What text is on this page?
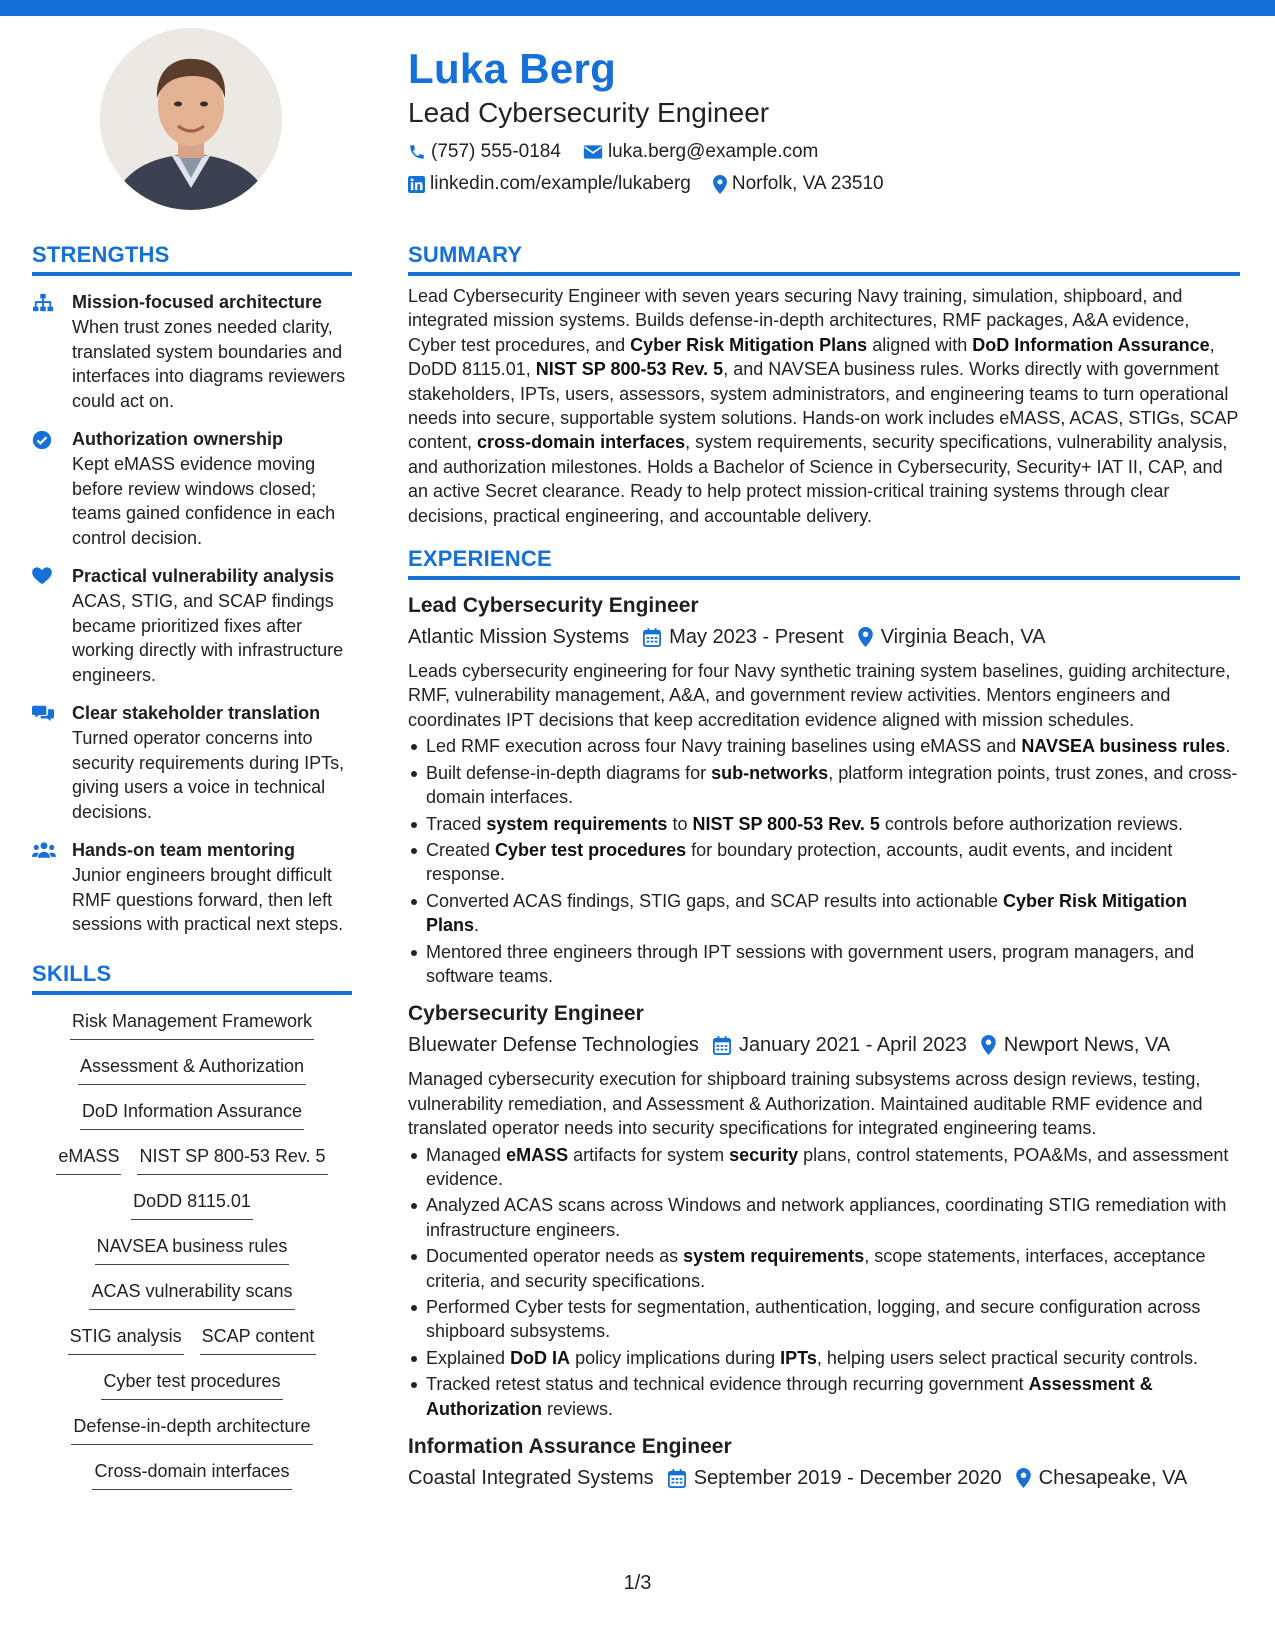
Luka Berg
Lead Cybersecurity Engineer
(757) 555-0184 luka.berg@example.com
linkedin.com/example/lukaberg Norfolk, VA 23510
STRENGTHS
Mission-focused architecture
When trust zones needed clarity, translated system boundaries and interfaces into diagrams reviewers could act on.
Authorization ownership
Kept eMASS evidence moving before review windows closed; teams gained confidence in each control decision.
Practical vulnerability analysis
ACAS, STIG, and SCAP findings became prioritized fixes after working directly with infrastructure engineers.
Clear stakeholder translation
Turned operator concerns into security requirements during IPTs, giving users a voice in technical decisions.
Hands-on team mentoring
Junior engineers brought difficult RMF questions forward, then left sessions with practical next steps.
SKILLS
Risk Management Framework
Assessment & Authorization
DoD Information Assurance
eMASS NIST SP 800-53 Rev. 5
DoDD 8115.01
NAVSEA business rules
ACAS vulnerability scans
STIG analysis SCAP content
Cyber test procedures
Defense-in-depth architecture
Cross-domain interfaces
SUMMARY

Lead Cybersecurity Engineer with seven years securing Navy training, simulation, shipboard, and integrated mission systems. Builds defense-in-depth architectures, RMF packages, A&A evidence, Cyber test procedures, and Cyber Risk Mitigation Plans aligned with DoD Information Assurance, DoDD 8115.01, NIST SP 800-53 Rev. 5, and NAVSEA business rules. Works directly with government stakeholders, IPTs, users, assessors, system administrators, and engineering teams to turn operational needs into secure, supportable system solutions. Hands-on work includes eMASS, ACAS, STIGs, SCAP content, cross-domain interfaces, system requirements, security specifications, vulnerability analysis, and authorization milestones. Holds a Bachelor of Science in Cybersecurity, Security+ IAT II, CAP, and an active Secret clearance. Ready to help protect mission-critical training systems through clear decisions, practical engineering, and accountable delivery.

EXPERIENCE
Lead Cybersecurity Engineer
Atlantic Mission Systems May 2023 - Present Virginia Beach, VA

Leads cybersecurity engineering for four Navy synthetic training system baselines, guiding architecture, RMF, vulnerability management, A&A, and government review activities. Mentors engineers and coordinates IPT decisions that keep accreditation evidence aligned with mission schedules.

Led RMF execution across four Navy training baselines using eMASS and NAVSEA business rules.
Built defense-in-depth diagrams for sub-networks, platform integration points, trust zones, and cross-domain interfaces.
Traced system requirements to NIST SP 800-53 Rev. 5 controls before authorization reviews.
Created Cyber test procedures for boundary protection, accounts, audit events, and incident response.
Converted ACAS findings, STIG gaps, and SCAP results into actionable Cyber Risk Mitigation Plans.
Mentored three engineers through IPT sessions with government users, program managers, and software teams.
Cybersecurity Engineer
Bluewater Defense Technologies January 2021 - April 2023 Newport News, VA

Managed cybersecurity execution for shipboard training subsystems across design reviews, testing, vulnerability remediation, and Assessment & Authorization. Maintained auditable RMF evidence and translated operator needs into security specifications for integrated engineering teams.

Managed eMASS artifacts for system security plans, control statements, POA&Ms, and assessment evidence.
Analyzed ACAS scans across Windows and network appliances, coordinating STIG remediation with infrastructure engineers.
Documented operator needs as system requirements, scope statements, interfaces, acceptance criteria, and security specifications.
Performed Cyber tests for segmentation, authentication, logging, and secure configuration across shipboard subsystems.
Explained DoD IA policy implications during IPTs, helping users select practical security controls.
Tracked retest status and technical evidence through recurring government Assessment & Authorization reviews.
Information Assurance Engineer
Coastal Integrated Systems September 2019 - December 2020 Chesapeake, VA
1/3
